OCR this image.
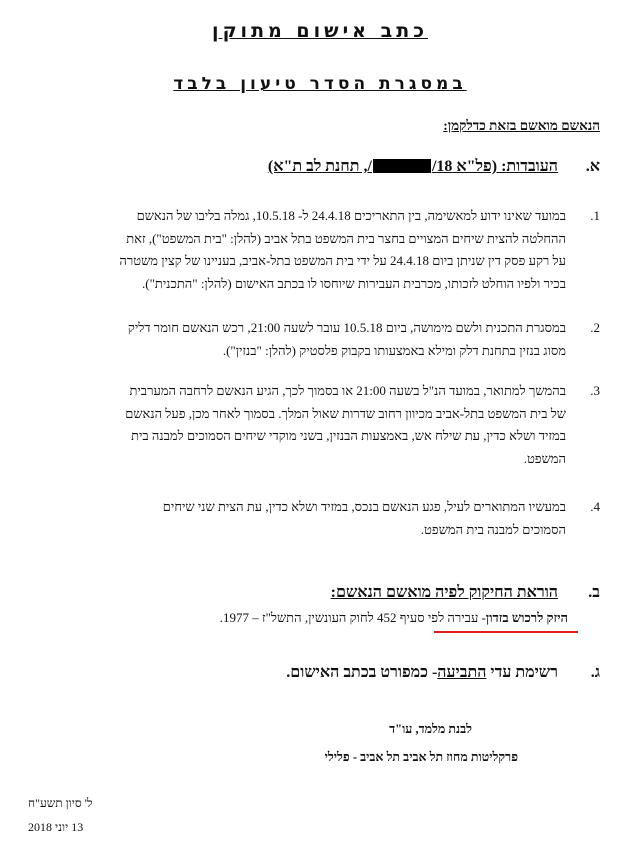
כתב אישום מתוקן
במסגרת הסדר טיעון בלבד
הנאשם מואשם בזאת כדלקמן:
א. העובדות: (פל"א 18//, תחנת לב ת"א)
1.
במועד שאינו ידוע למאשימה, בין התאריכים 24.4.18 ל- 10.5.18, גמלה בליבו של הנאשם
ההחלטה להצית שיחים המצויים בחצר בית המשפט בתל אביב (להלן: "בית המשפט"), זאת
על רקע פסק דין שניתן ביום 24.4.18 על ידי בית המשפט בתל-אביב, בעניינו של קצין משטרה
בכיר ולפיו הוחלט לזכותו, מכרבית העבירות שיוחסו לו בכתב האישום (להלן: "התכנית").
2.
במסגרת התכנית ולשם מימושה, ביום 10.5.18 עובר לשעה 21:00, רכש הנאשם חומר דליק
מסוג בנזין בתחנת דלק ומילא באמצעותו בקבוק פלסטיק (להלן: "בנזין").
3.
בהמשך למתואר, במועד הנ"ל בשעה 21:00 או בסמוך לכך, הגיע הנאשם לרחבה המערבית
של בית המשפט בתל-אביב מכיוון רחוב שדרות שאול המלך. בסמוך לאחר מכן, פעל הנאשם
במזיד ושלא כדין, עת שילח אש, באמצעות הבנזין, בשני מוקדי שיחים הסמוכים למבנה בית
המשפט.
4.
במעשיו המתוארים לעיל, פגע הנאשם בנכס, במזיד ושלא כדין, עת הצית שני שיחים
הסמוכים למבנה בית המשפט.
ב. הוראת החיקוק לפיה מואשם הנאשם:
היזק לרכוש בזדון- עבירה לפי סעיף 452 לחוק העונשין, התשל"ז – 1977.
ג. רשימת עדי התביעה- כמפורט בכתב האישום.
לבנת מלמד, עו"ד
פרקליטות מחוז תל אביב תל אביב - פלילי
ל' סיון תשע"ח
13 יוני 2018
